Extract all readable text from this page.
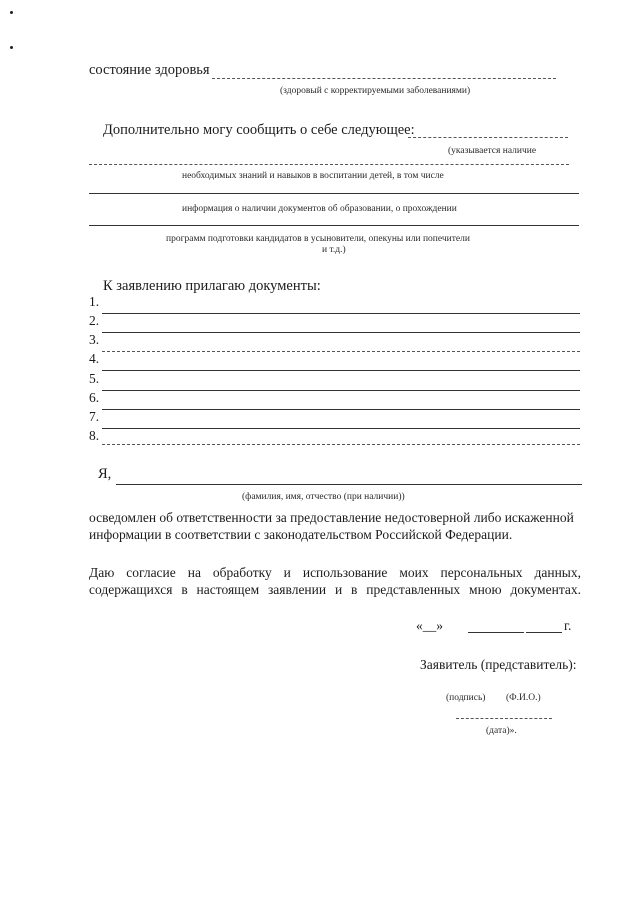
состояние здоровья
(здоровый с корректируемыми заболеваниями)
Дополнительно могу сообщить о себе следующее:
(указывается наличие
необходимых знаний и навыков в воспитании детей, в том числе
информация о наличии документов об образовании, о прохождении
программ подготовки кандидатов в усыновители, опекуны или попечители
и т.д.)
К заявлению прилагаю документы:
1.
2.
3.
4.
5.
6.
7.
8.
Я,
(фамилия, имя, отчество (при наличии))
осведомлен об ответственности за предоставление недостоверной либо искаженной
информации в соответствии с законодательством Российской Федерации.
Даю согласие на обработку и использование моих персональных данных,
содержащихся в настоящем заявлении и в представленных мною документах.
«__»	г.
Заявитель (представитель):
(подпись) (Ф.И.О.)
(дата)».
